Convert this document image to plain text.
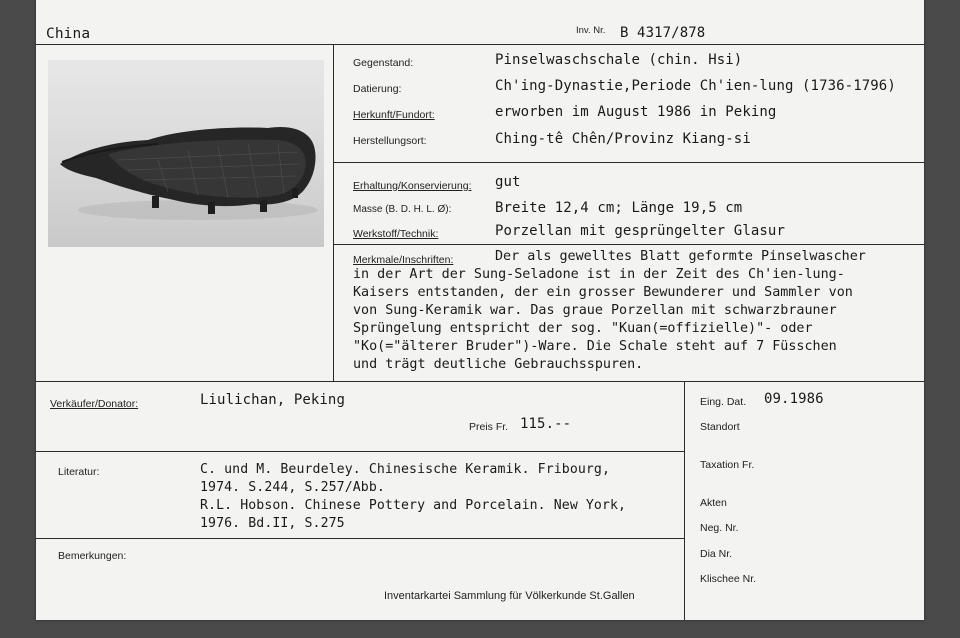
China	Inv. Nr. B 4317/878
Gegenstand:	Pinselwaschschale (chin. Hsi)
Datierung:	Ch'ing-Dynastie,Periode Ch'ien-lung (1736-1796)
Herkunft/Fundort:	erworben im August 1986 in Peking
Herstellungsort:	Ching-tê Chên/Provinz Kiang-si
Erhaltung/Konservierung: gut
Masse (B. D. H. L. Ø):	Breite 12,4 cm; Länge 19,5 cm
Werkstoff/Technik:	Porzellan mit gesprüngelter Glasur
Merkmale/Inschriften:	Der als gewelltes Blatt geformte Pinselwascher
in der Art der Sung-Seladone ist in der Zeit des Ch'ien-lung-
Kaisers entstanden, der ein grosser Bewunderer und Sammler von
von Sung-Keramik war. Das graue Porzellan mit schwarzbrauner
Sprüngelung entspricht der sog. "Kuan(=offizielle)"- oder
"Ko(="älterer Bruder")-Ware. Die Schale steht auf 7 Füsschen
und trägt deutliche Gebrauchsspuren.
Eing. Dat. 09.1986
Standort
Taxation Fr.
Akten
Neg. Nr.
Dia Nr.
Klischee Nr.
Verkäufer/Donator:	Liulichan, Peking
Preis Fr. 115.--
Literatur:	C. und M. Beurdeley. Chinesische Keramik. Fribourg,
1974. S.244, S.257/Abb.
R.L. Hobson. Chinese Pottery and Porcelain. New York,
1976. Bd.II, S.275
Bemerkungen:
Inventarkartei Sammlung für Völkerkunde St.Gallen
